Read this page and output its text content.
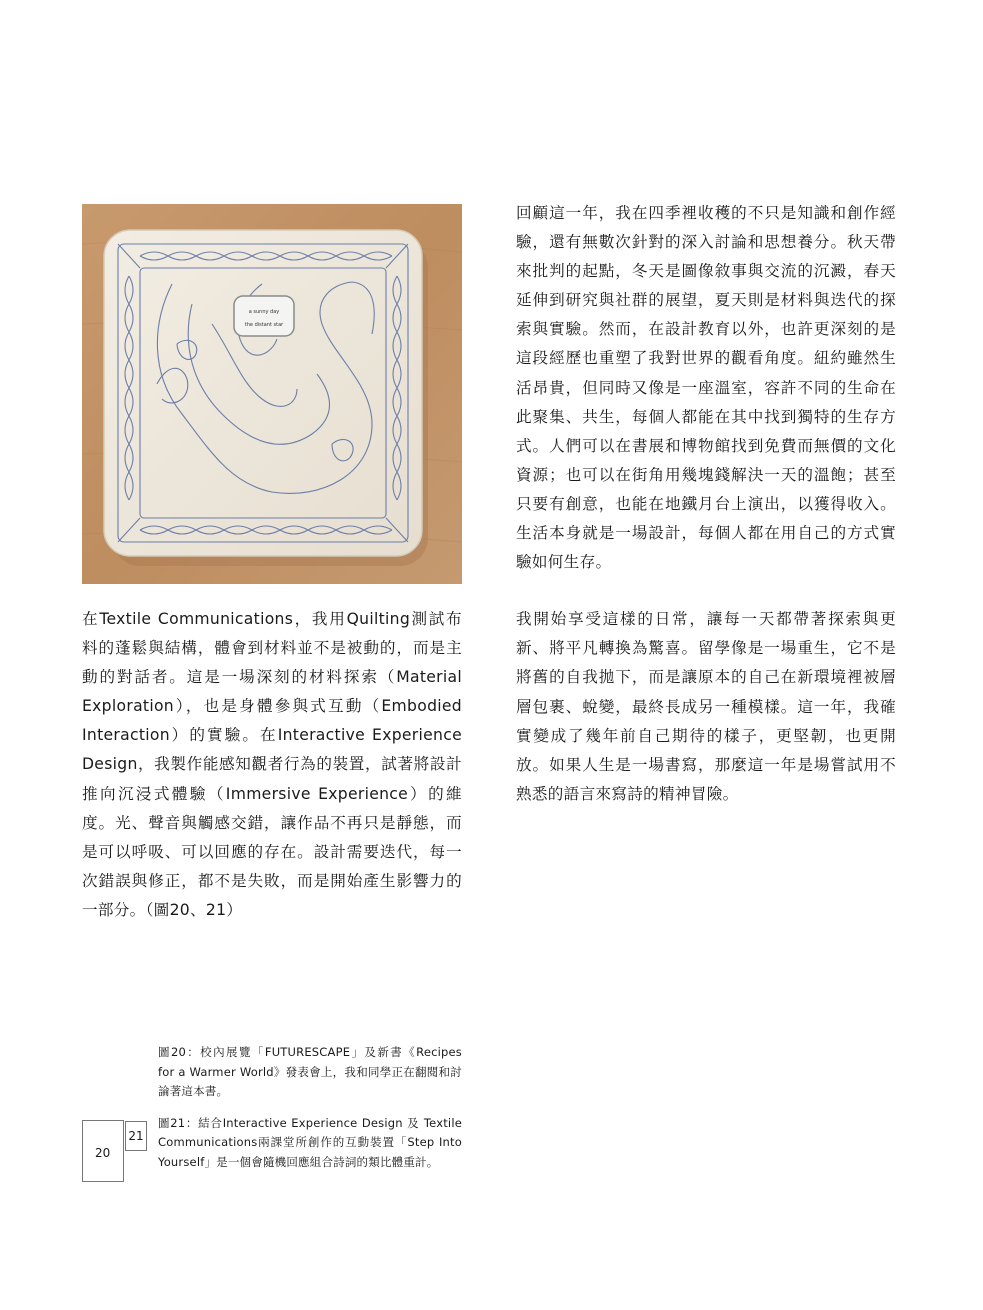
a sunny day
the distant star

在Textile Communications，我用Quilting測試布料的蓬鬆與結構，體會到材料並不是被動的，而是主動的對話者。這是一場深刻的材料探索（Material Exploration），也是身體參與式互動（Embodied Interaction）的實驗。在Interactive Experience Design，我製作能感知觀者行為的裝置，試著將設計推向沉浸式體驗（Immersive Experience）的維度。光、聲音與觸感交錯，讓作品不再只是靜態，而是可以呼吸、可以回應的存在。設計需要迭代，每一次錯誤與修正，都不是失敗，而是開始產生影響力的一部分。（圖20、21）

回顧這一年，我在四季裡收穫的不只是知識和創作經驗，還有無數次針對的深入討論和思想養分。秋天帶來批判的起點，冬天是圖像敘事與交流的沉澱，春天延伸到研究與社群的展望，夏天則是材料與迭代的探索與實驗。然而，在設計教育以外，也許更深刻的是這段經歷也重塑了我對世界的觀看角度。紐約雖然生活昂貴，但同時又像是一座溫室，容許不同的生命在此聚集、共生，每個人都能在其中找到獨特的生存方式。人們可以在書展和博物館找到免費而無價的文化資源；也可以在街角用幾塊錢解決一天的溫飽；甚至只要有創意，也能在地鐵月台上演出，以獲得收入。生活本身就是一場設計，每個人都在用自己的方式實驗如何生存。

我開始享受這樣的日常，讓每一天都帶著探索與更新、將平凡轉換為驚喜。留學像是一場重生，它不是將舊的自我拋下，而是讓原本的自己在新環境裡被層層包裹、蛻變，最終長成另一種模樣。這一年，我確實變成了幾年前自己期待的樣子，更堅韌，也更開放。如果人生是一場書寫，那麼這一年是場嘗試用不熟悉的語言來寫詩的精神冒險。

圖20：校內展覽「FUTURESCAPE」及新書《Recipes for a Warmer World》發表會上，我和同學正在翻閱和討論著這本書。

圖21：結合Interactive Experience Design 及 Textile Communications兩課堂所創作的互動裝置「Step Into Yourself」是一個會隨機回應組合詩詞的類比體重計。

20
21
